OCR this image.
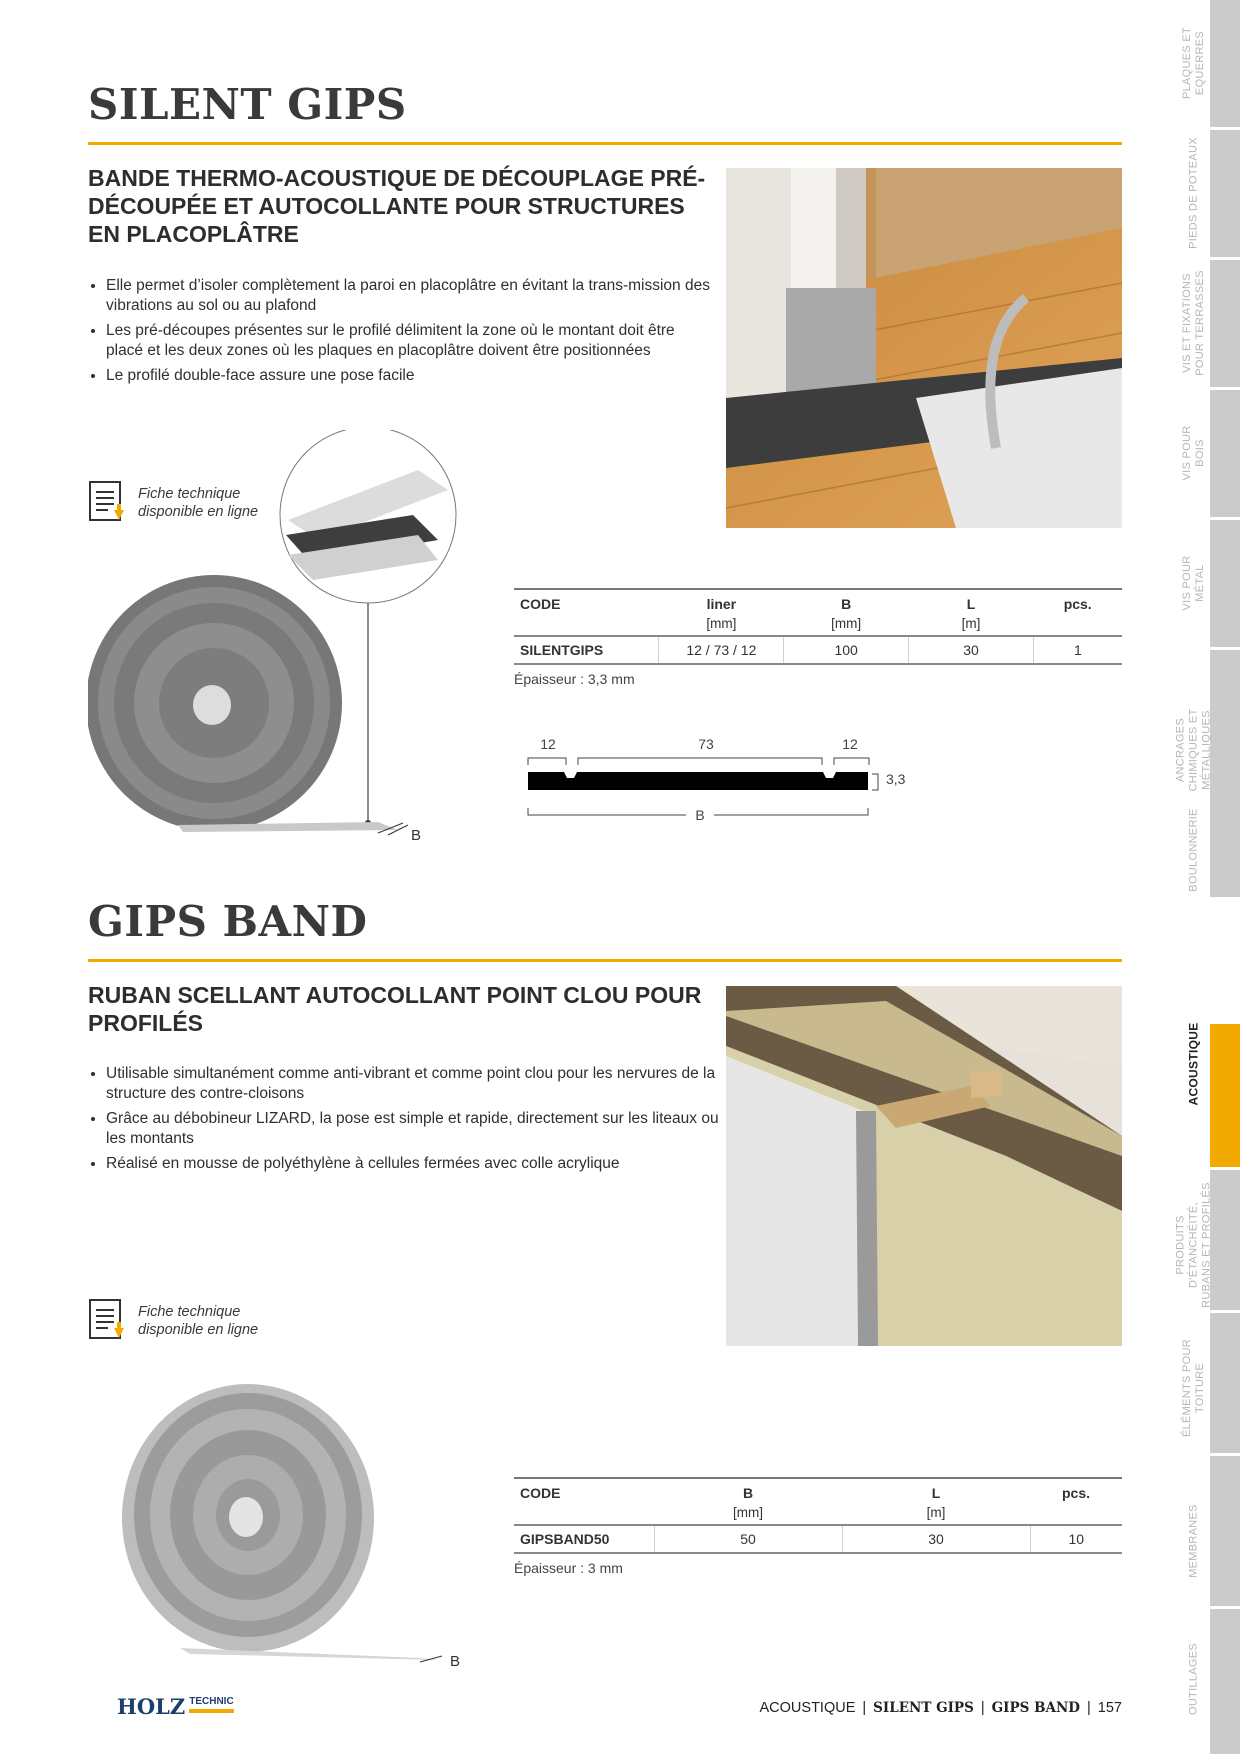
PLAQUES ET
EQUERRES
PIEDS DE POTEAUX
VIS ET FIXATIONS
POUR TERRASSES
VIS POUR
BOIS
VIS POUR
MÉTAL
ANCRAGES
CHIMIQUES ET
MÉTALLIQUES
BOULONNERIE
ACOUSTIQUE
PRODUITS
D'ÉTANCHÉITÉ,
RUBANS ET PROFILÉS
ÉLÉMENTS POUR
TOITURE
MEMBRANES
OUTILLAGES
SILENT GIPS
BANDE THERMO-ACOUSTIQUE DE DÉCOUPLAGE PRÉ-DÉCOUPÉE ET AUTOCOLLANTE POUR STRUCTURES EN PLACOPLÂTRE
• Elle permet d’isoler complètement la paroi en placoplâtre en évitant la trans-mission des vibrations au sol ou au plafond
• Les pré-découpes présentes sur le profilé délimitent la zone où le montant doit être placé et les deux zones où les plaques en placoplâtre doivent être positionnées
• Le profilé double-face assure une pose facile
Fiche technique
disponible en ligne
B
CODE	liner	B	L	pcs.
	[mm]	[mm]	[m]	
SILENTGIPS	12 / 73 / 12	100	30	1
Épaisseur : 3,3 mm
12	73	12
3,3
B
GIPS BAND
RUBAN SCELLANT AUTOCOLLANT POINT CLOU POUR PROFILÉS
• Utilisable simultanément comme anti-vibrant et comme point clou pour les nervures de la structure des contre-cloisons
• Grâce au débobineur LIZARD, la pose est simple et rapide, directement sur les liteaux ou les montants
• Réalisé en mousse de polyéthylène à cellules fermées avec colle acrylique
Fiche technique
disponible en ligne
B
CODE	B	L	pcs.
	[mm]	[m]	
GIPSBAND50	50	30	10
Épaisseur : 3 mm
HOLZ TECHNIC	ACOUSTIQUE | SILENT GIPS | GIPS BAND | 157
